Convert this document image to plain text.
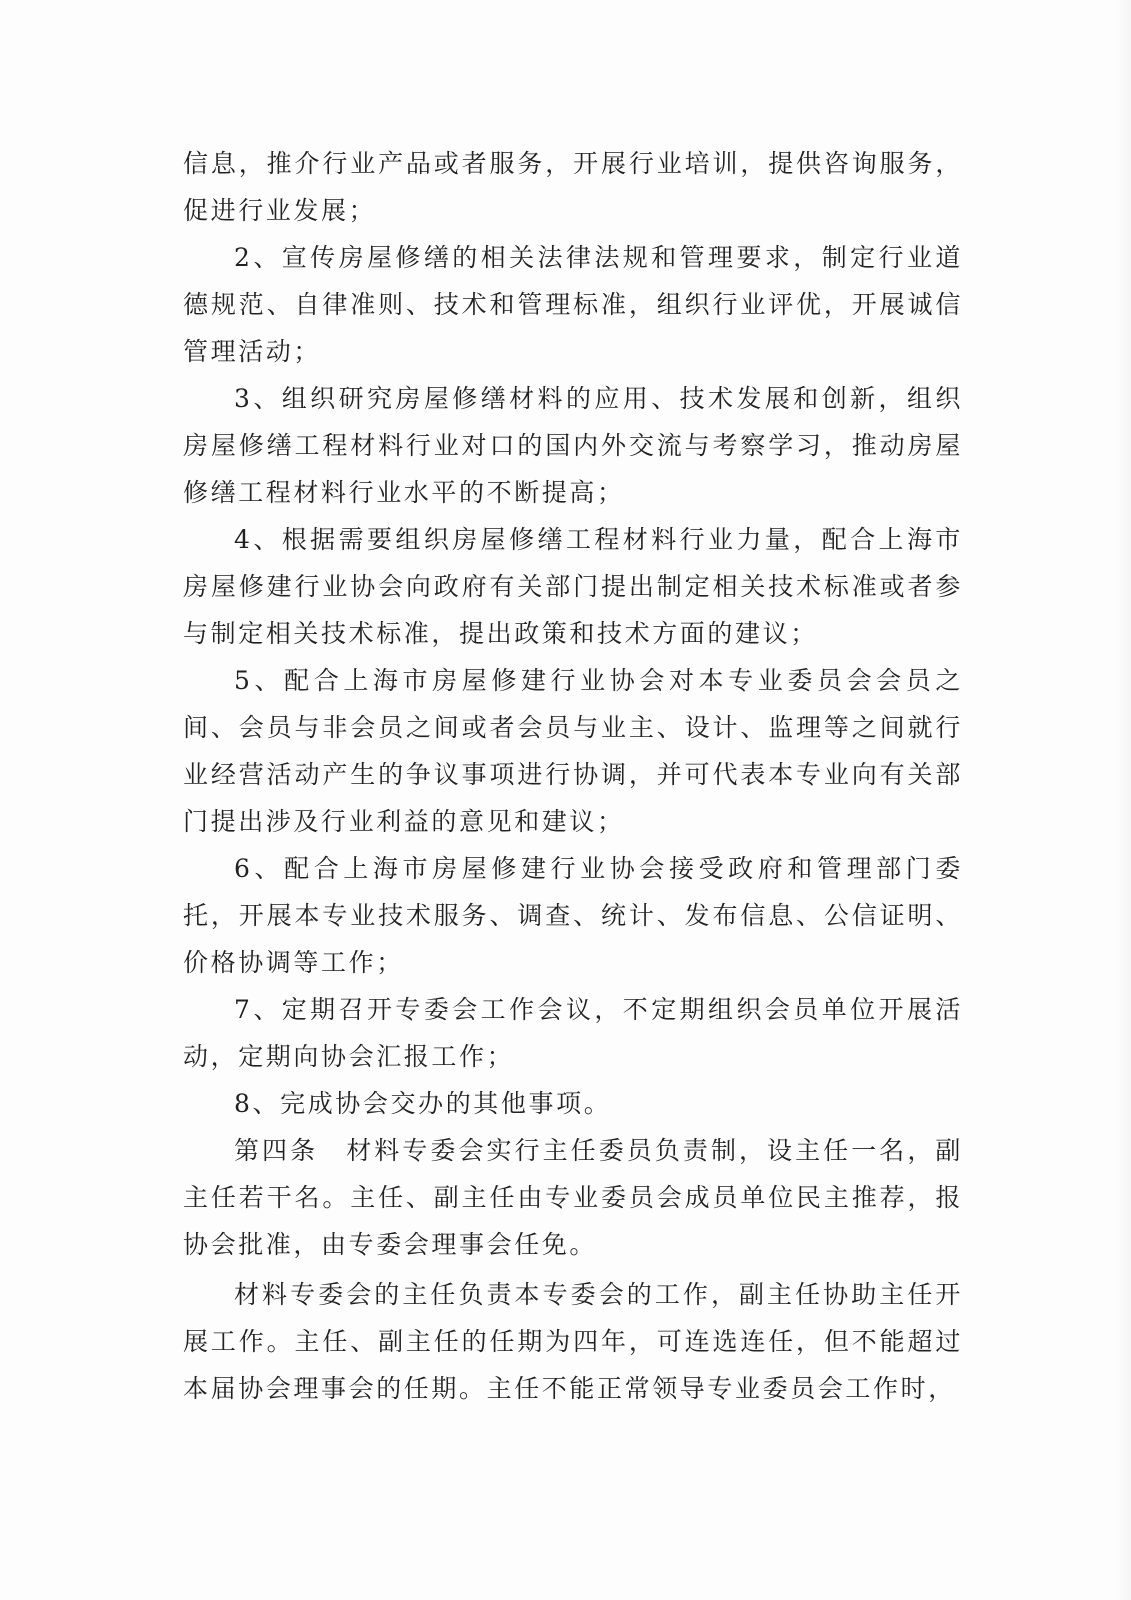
信息，推介行业产品或者服务，开展行业培训，提供咨询服务，促进行业发展；

2、宣传房屋修缮的相关法律法规和管理要求，制定行业道德规范、自律准则、技术和管理标准，组织行业评优，开展诚信管理活动；

3、组织研究房屋修缮材料的应用、技术发展和创新，组织房屋修缮工程材料行业对口的国内外交流与考察学习，推动房屋修缮工程材料行业水平的不断提高；

4、根据需要组织房屋修缮工程材料行业力量，配合上海市房屋修建行业协会向政府有关部门提出制定相关技术标准或者参与制定相关技术标准，提出政策和技术方面的建议；

5、配合上海市房屋修建行业协会对本专业委员会会员之间、会员与非会员之间或者会员与业主、设计、监理等之间就行业经营活动产生的争议事项进行协调，并可代表本专业向有关部门提出涉及行业利益的意见和建议；

6、配合上海市房屋修建行业协会接受政府和管理部门委托，开展本专业技术服务、调查、统计、发布信息、公信证明、价格协调等工作；

7、定期召开专委会工作会议，不定期组织会员单位开展活动，定期向协会汇报工作；

8、完成协会交办的其他事项。

第四条　材料专委会实行主任委员负责制，设主任一名，副主任若干名。主任、副主任由专业委员会成员单位民主推荐，报协会批准，由专委会理事会任免。

材料专委会的主任负责本专委会的工作，副主任协助主任开展工作。主任、副主任的任期为四年，可连选连任，但不能超过本届协会理事会的任期。主任不能正常领导专业委员会工作时，
